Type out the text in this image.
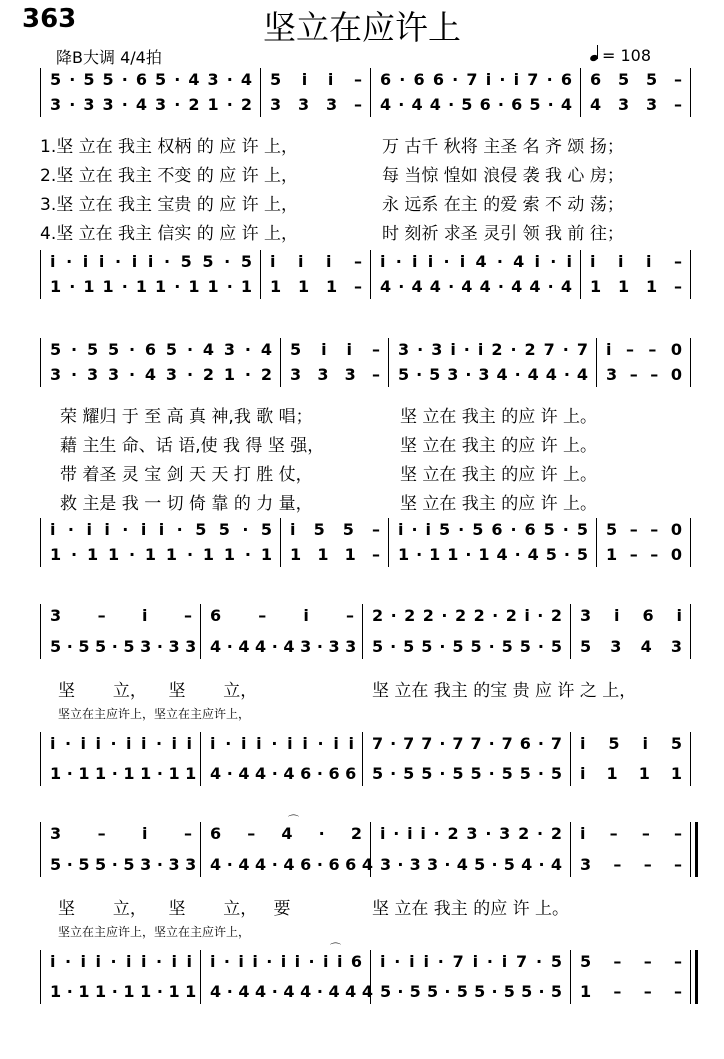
363	坚立在应许上
降B大调 4/4拍	= 108
5 · 5 5 · 6 5 · 4 3 · 4 5 i i – 6 · 6 6 · 7 i · i 7 · 6 6 5 5 –
3 · 3 3 · 4 3 · 2 1 · 2 3 3 3 – 4 · 4 4 · 5 6 · 6 5 · 4 4 3 3 –
i · i i · i i · 5 5 · 5 i i i – i · i i · i 4 · 4 i · i i i i –
1 · 1 1 · 1 1 · 1 1 · 1 1 1 1 – 4 · 4 4 · 4 4 · 4 4 · 4 1 1 1 –
1.坚 立在 我主 权柄 的 应 许 上，	万 古千 秋将 主圣 名 齐 颂 扬；
2.坚 立在 我主 不变 的 应 许 上，	每 当惊 惶如 浪侵 袭 我 心 房；
3.坚 立在 我主 宝贵 的 应 许 上，	永 远系 在主 的爱 索 不 动 荡；
4.坚 立在 我主 信实 的 应 许 上，	时 刻祈 求圣 灵引 领 我 前 往；
5 · 5 5 · 6 5 · 4 3 · 4 5 i i – 3 · 3 i · i 2 · 2 7 · 7 i – – 0
3 · 3 3 · 4 3 · 2 1 · 2 3 3 3 – 5 · 5 3 · 3 4 · 4 4 · 4 3 – – 0
i · i i · i i · 5 5 · 5 i 5 5 – i · i 5 · 5 6 · 6 5 · 5 5 – – 0
1 · 1 1 · 1 1 · 1 1 · 1 1 1 1 – 1 · 1 1 · 1 4 · 4 5 · 5 1 – – 0
荣 耀归 于 至 高 真 神,我 歌 唱；	坚 立在 我主 的应 许 上。
藉 主生 命、话 语,使 我 得 坚 强，	坚 立在 我主 的应 许 上。
带 着圣 灵 宝 剑 天 天 打 胜 仗，	坚 立在 我主 的应 许 上。
救 主是 我 一 切 倚 靠 的 力 量，	坚 立在 我主 的应 许 上。
3 – i – 6 – i – 2 · 2 2 · 2 2 · 2 i · 2 3 i 6 i
5 · 5 5 · 5 3 · 3 3 4 · 4 4 · 4 3 · 3 3 5 · 5 5 · 5 5 · 5 5 · 5 5 3 4 3
i · i i · i i · i i i · i i · i i · i i 7 · 7 7 · 7 7 · 7 6 · 7 i 5 i 5
1 · 1 1 · 1 1 · 1 1 4 · 4 4 · 4 6 · 6 6 5 · 5 5 · 5 5 · 5 5 · 5 i 1 1 1
坚       立，    坚       立，	坚 立在 我主 的宝 贵 应 许 之 上，
坚立在主应许上，坚立在主应许上，
3 – i – 6 – 4 · 2 i · i i · 2 3 · 3 2 · 2 i – – –
5 · 5 5 · 5 3 · 3 3 4 · 4 4 · 4 6 · 6 6 4 3 · 3 3 · 4 5 · 5 4 · 4 3 – – –
i · i i · i i · i i i · i i · i i · i i 6 i · i i · 7 i · i 7 · 5 5 – – –
1 · 1 1 · 1 1 · 1 1 4 · 4 4 · 4 4 · 4 4 4 5 · 5 5 · 5 5 · 5 5 · 5 1 – – –
坚       立，    坚       立，   要	坚 立在 我主 的应 许 上。
坚立在主应许上，坚立在主应许上，
⌒
⌒
